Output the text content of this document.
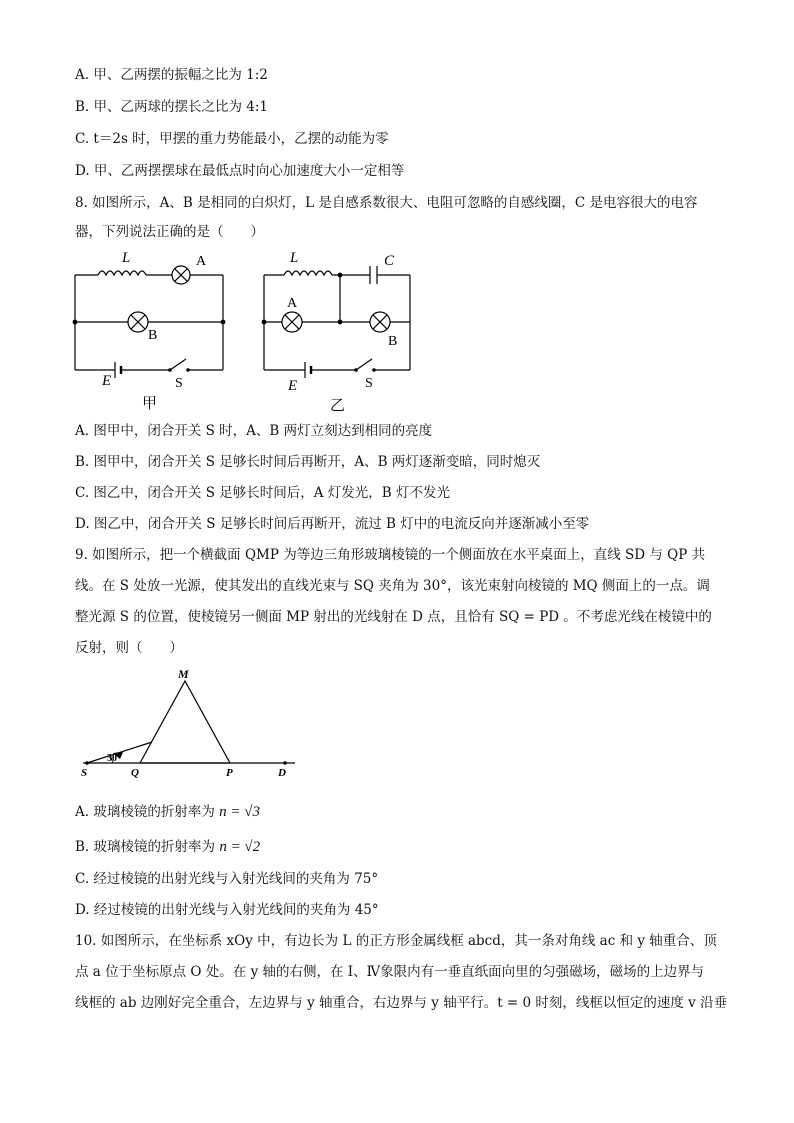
A. 甲、乙两摆的振幅之比为 1:2
B. 甲、乙两球的摆长之比为 4:1
C. t＝2s 时，甲摆的重力势能最小，乙摆的动能为零
D. 甲、乙两摆摆球在最低点时向心加速度大小一定相等
8. 如图所示，A、B 是相同的白炽灯，L 是自感系数很大、电阻可忽略的自感线圈，C 是电容很大的电容
器，下列说法正确的是（　　）
L	A
B
E	S
甲
L	C
A
B
E	S
乙
A. 图甲中，闭合开关 S 时，A、B 两灯立刻达到相同的亮度
B. 图甲中，闭合开关 S 足够长时间后再断开，A、B 两灯逐渐变暗，同时熄灭
C. 图乙中，闭合开关 S 足够长时间后，A 灯发光，B 灯不发光
D. 图乙中，闭合开关 S 足够长时间后再断开，流过 B 灯中的电流反向并逐渐减小至零
9. 如图所示，把一个横截面 QMP 为等边三角形玻璃棱镜的一个侧面放在水平桌面上，直线 SD 与 QP 共
线。在 S 处放一光源，使其发出的直线光束与 SQ 夹角为 30°，该光束射向棱镜的 MQ 侧面上的一点。调
整光源 S 的位置，使棱镜另一侧面 MP 射出的光线射在 D 点，且恰有 SQ = PD 。不考虑光线在棱镜中的
反射，则（　　）
M
S	Q	P	D
30°
A. 玻璃棱镜的折射率为 n = √3
B. 玻璃棱镜的折射率为 n = √2
C. 经过棱镜的出射光线与入射光线间的夹角为 75°
D. 经过棱镜的出射光线与入射光线间的夹角为 45°
10. 如图所示，在坐标系 xOy 中，有边长为 L 的正方形金属线框 abcd，其一条对角线 ac 和 y 轴重合、顶
点 a 位于坐标原点 O 处。在 y 轴的右侧，在 Ⅰ、Ⅳ象限内有一垂直纸面向里的匀强磁场，磁场的上边界与
线框的 ab 边刚好完全重合，左边界与 y 轴重合，右边界与 y 轴平行。t = 0 时刻，线框以恒定的速度 v 沿垂
